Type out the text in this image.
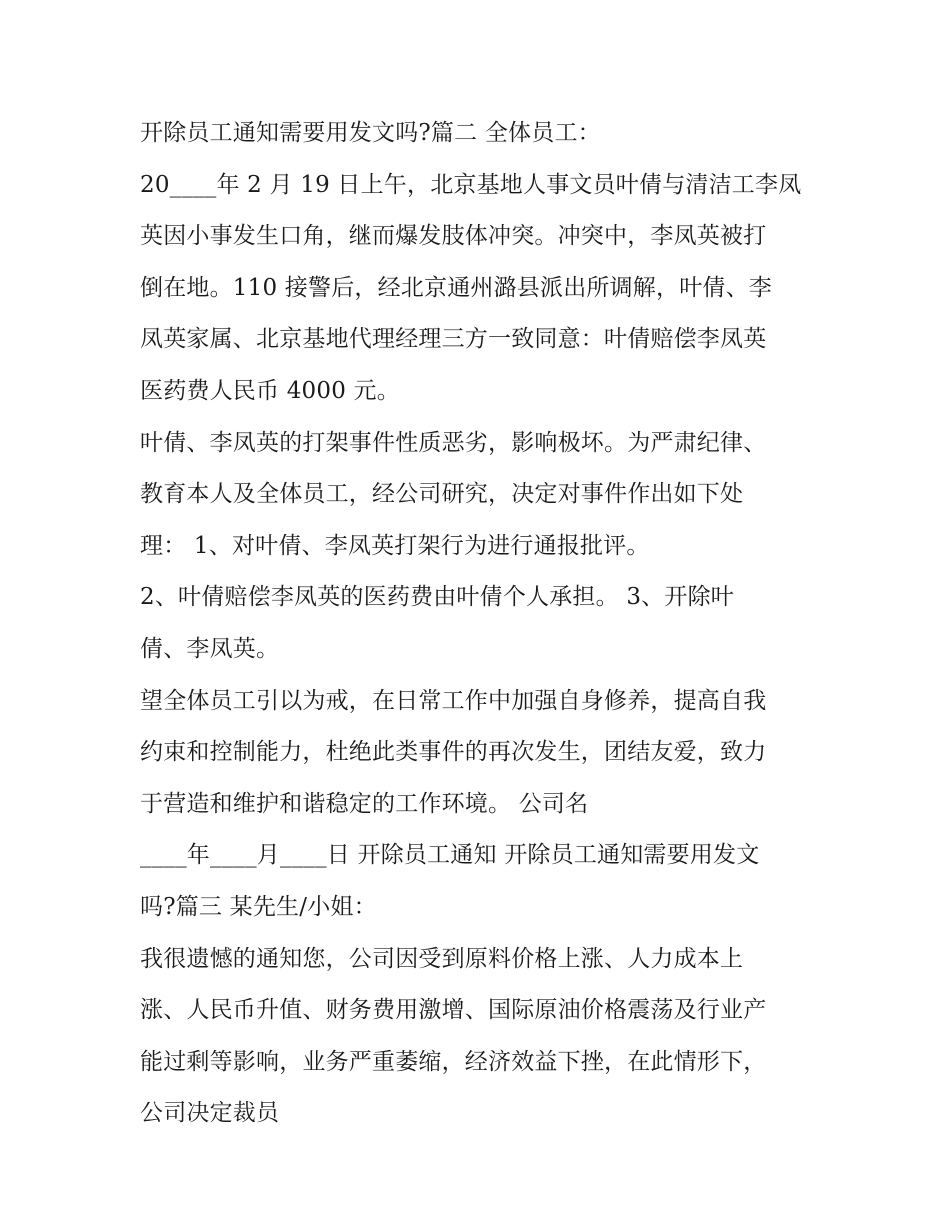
开除员工通知需要用发文吗?篇二 全体员工：
20____年 2 月 19 日上午，北京基地人事文员叶倩与清洁工李凤
英因小事发生口角，继而爆发肢体冲突。冲突中，李凤英被打
倒在地。110 接警后，经北京通州潞县派出所调解，叶倩、李
凤英家属、北京基地代理经理三方一致同意：叶倩赔偿李凤英
医药费人民币 4000 元。
叶倩、李凤英的打架事件性质恶劣，影响极坏。为严肃纪律、
教育本人及全体员工，经公司研究，决定对事件作出如下处
理： 1、对叶倩、李凤英打架行为进行通报批评。
2、叶倩赔偿李凤英的医药费由叶倩个人承担。 3、开除叶
倩、李凤英。
望全体员工引以为戒，在日常工作中加强自身修养，提高自我
约束和控制能力，杜绝此类事件的再次发生，团结友爱，致力
于营造和维护和谐稳定的工作环境。 公司名
____年____月____日 开除员工通知 开除员工通知需要用发文
吗?篇三 某先生/小姐：
我很遗憾的通知您，公司因受到原料价格上涨、人力成本上
涨、人民币升值、财务费用激增、国际原油价格震荡及行业产
能过剩等影响，业务严重萎缩，经济效益下挫，在此情形下，
公司决定裁员
